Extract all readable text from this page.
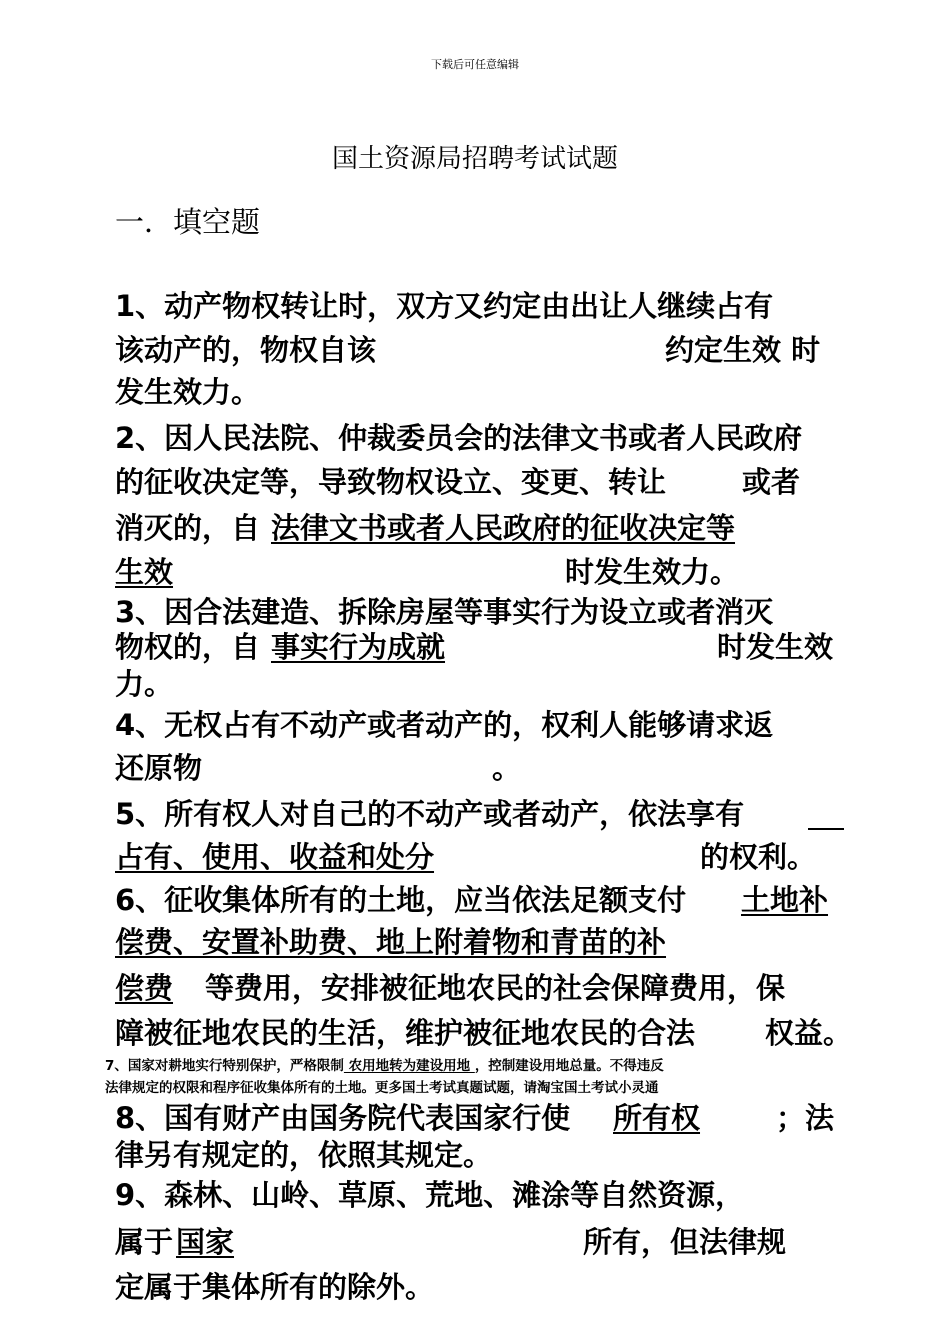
下载后可任意编辑
国土资源局招聘考试试题
一．填空题
1、动产物权转让时，双方又约定由出让人继续占有
该动产的，物权自该	约定生效 时
发生效力。
2、因人民法院、仲裁委员会的法律文书或者人民政府
的征收决定等，导致物权设立、变更、转让	或者
消灭的，自 法律文书或者人民政府的征收决定等
生效	时发生效力。
3、因合法建造、拆除房屋等事实行为设立或者消灭
物权的，自 事实行为成就	时发生效
力。
4、无权占有不动产或者动产的，权利人能够请求返
还原物	。
5、所有权人对自己的不动产或者动产，依法享有
占有、使用、收益和处分	的权利。
6、征收集体所有的土地，应当依法足额支付 土地补
偿费、安置补助费、地上附着物和青苗的补
偿费	等费用，安排被征地农民的社会保障费用，保
障被征地农民的生活，维护被征地农民的合法 权益。
7、国家对耕地实行特别保护，严格限制 农用地转为建设用地 ，控制建设用地总量。不得违反
法律规定的权限和程序征收集体所有的土地。更多国土考试真题试题，请淘宝国土考试小灵通
8、国有财产由国务院代表国家行使 所有权	；法
律另有规定的，依照其规定。
9、森林、山岭、草原、荒地、滩涂等自然资源，
属于 国家	所有，但法律规
定属于集体所有的除外。
